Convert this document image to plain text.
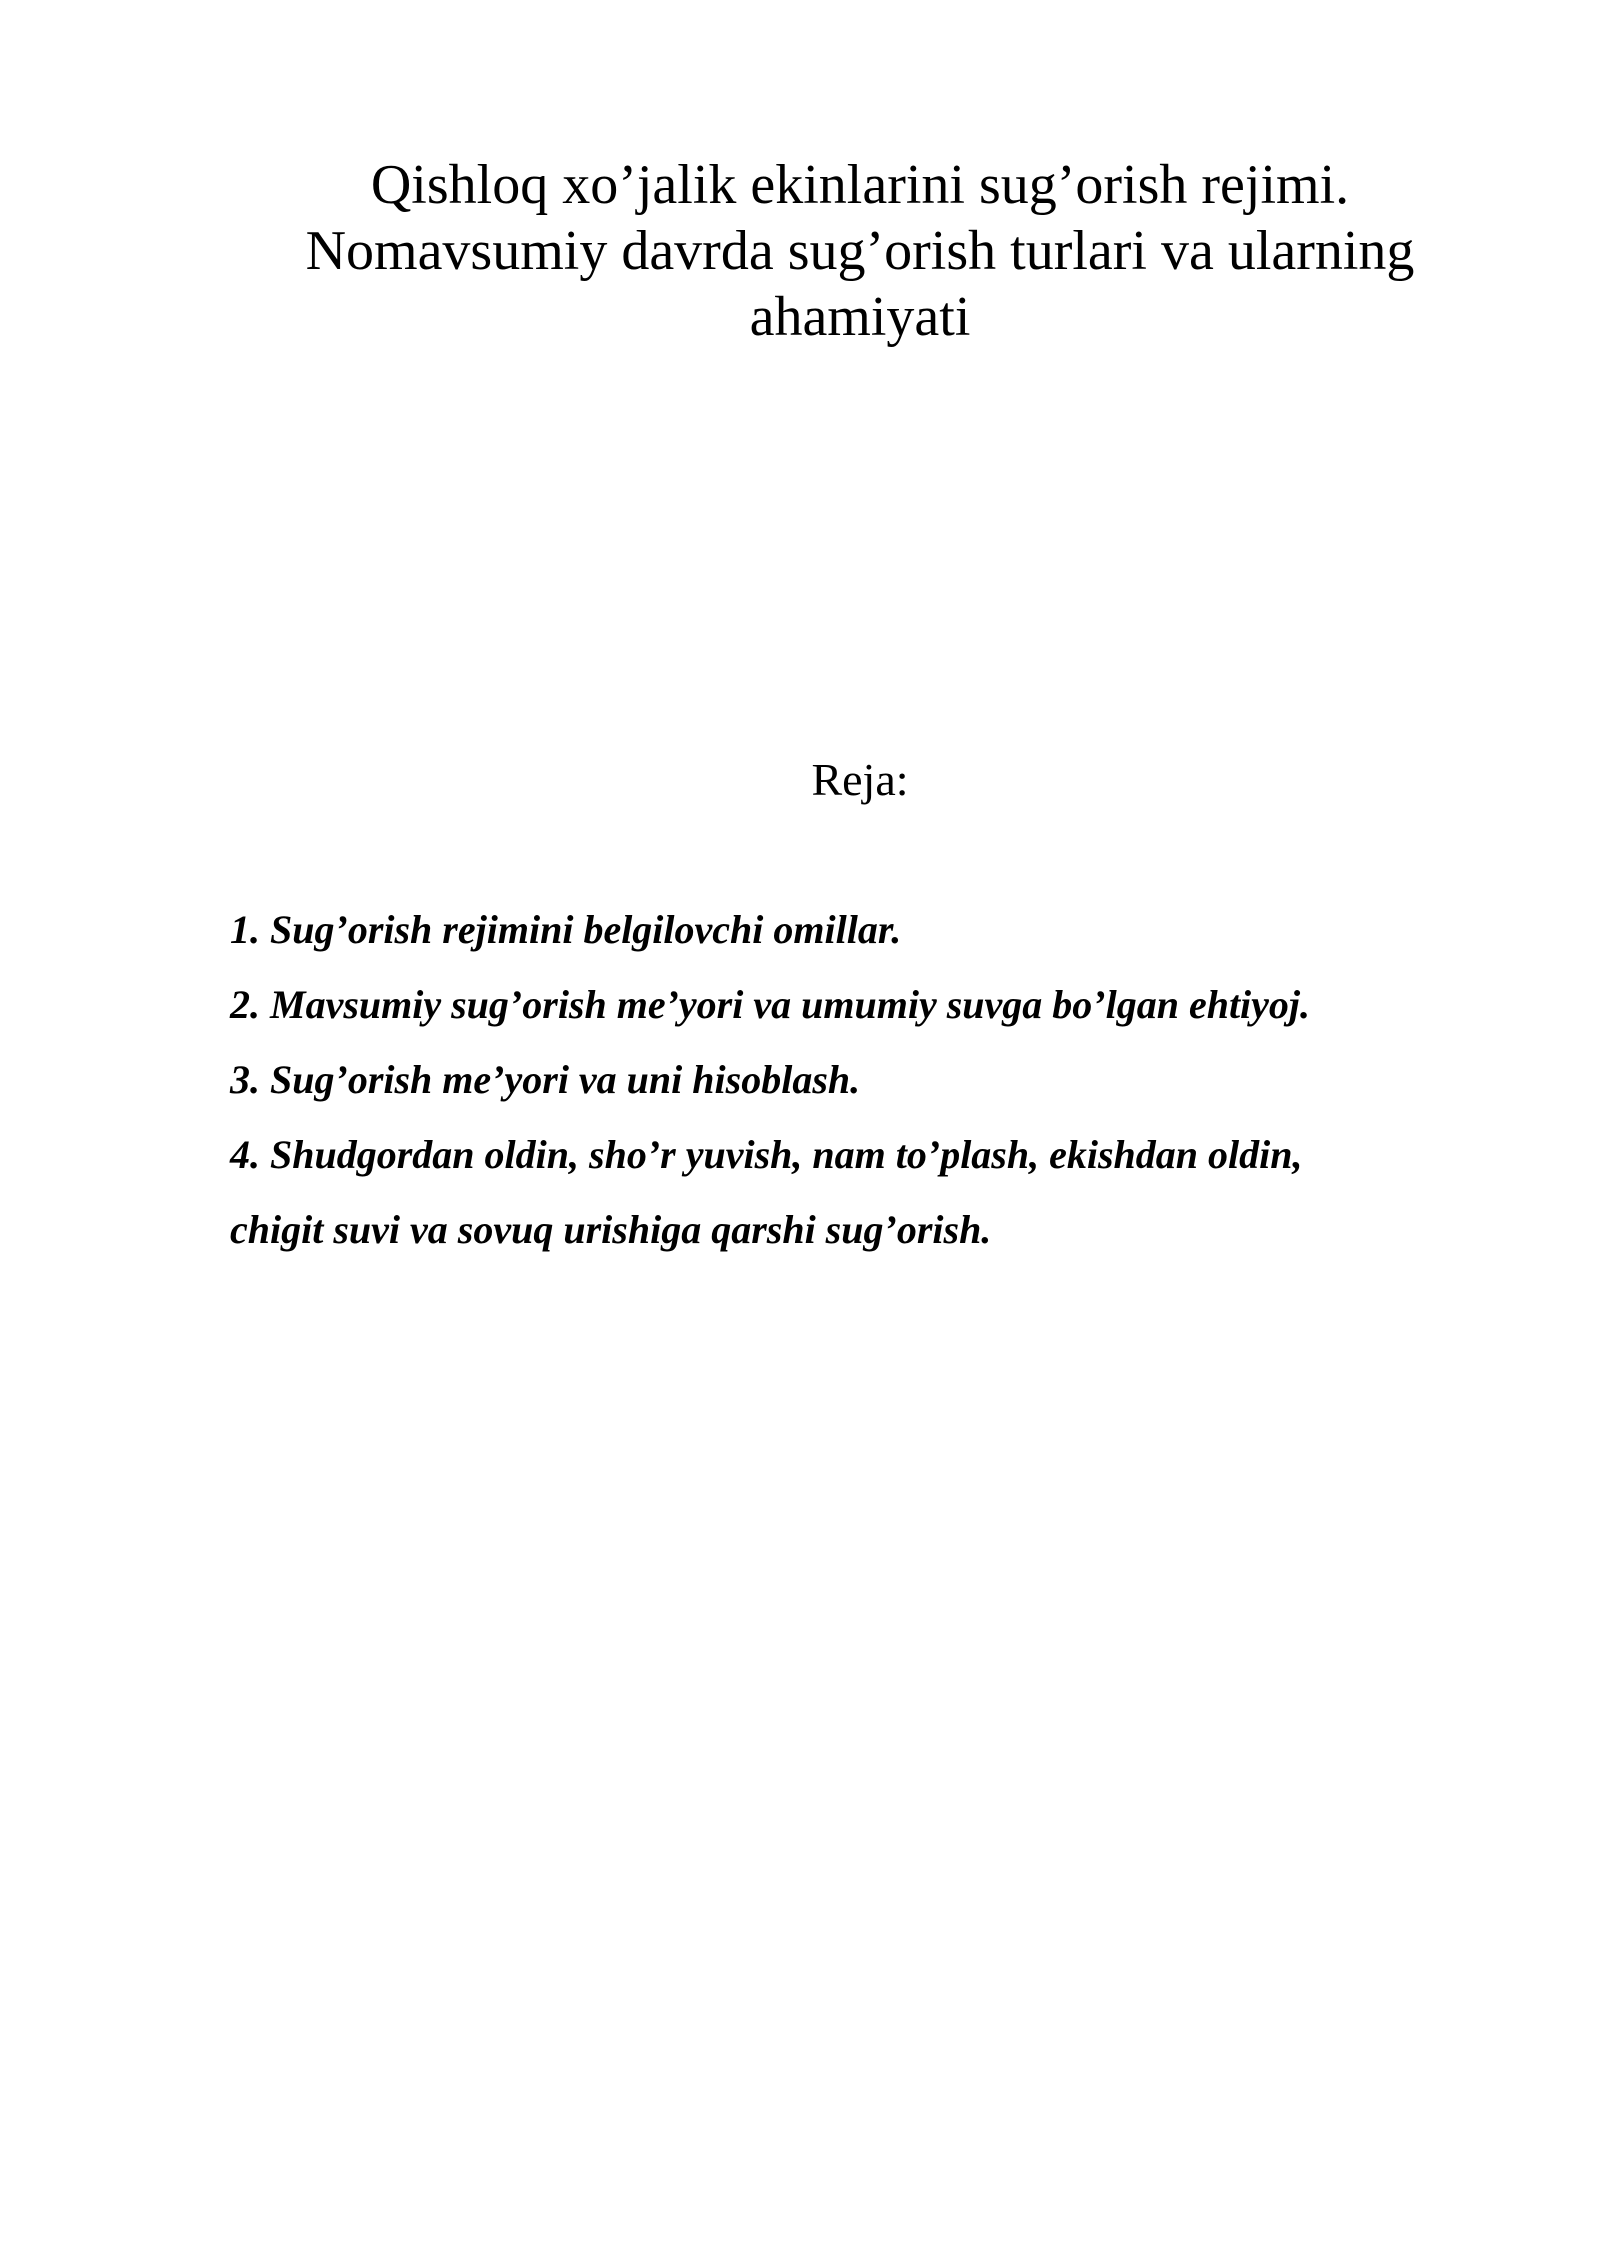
Qishloq xo’jalik ekinlarini sug’orish rejimi.
Nomavsumiy davrda sug’orish turlari va ularning
ahamiyati
Reja:
1. Sug’orish rejimini belgilovchi omillar.
2. Mavsumiy sug’orish me’yori va umumiy suvga bo’lgan ehtiyoj.
3. Sug’orish me’yori va uni hisoblash.
4. Shudgordan oldin, sho’r yuvish, nam to’plash, ekishdan oldin,
chigit suvi va sovuq urishiga qarshi sug’orish.
